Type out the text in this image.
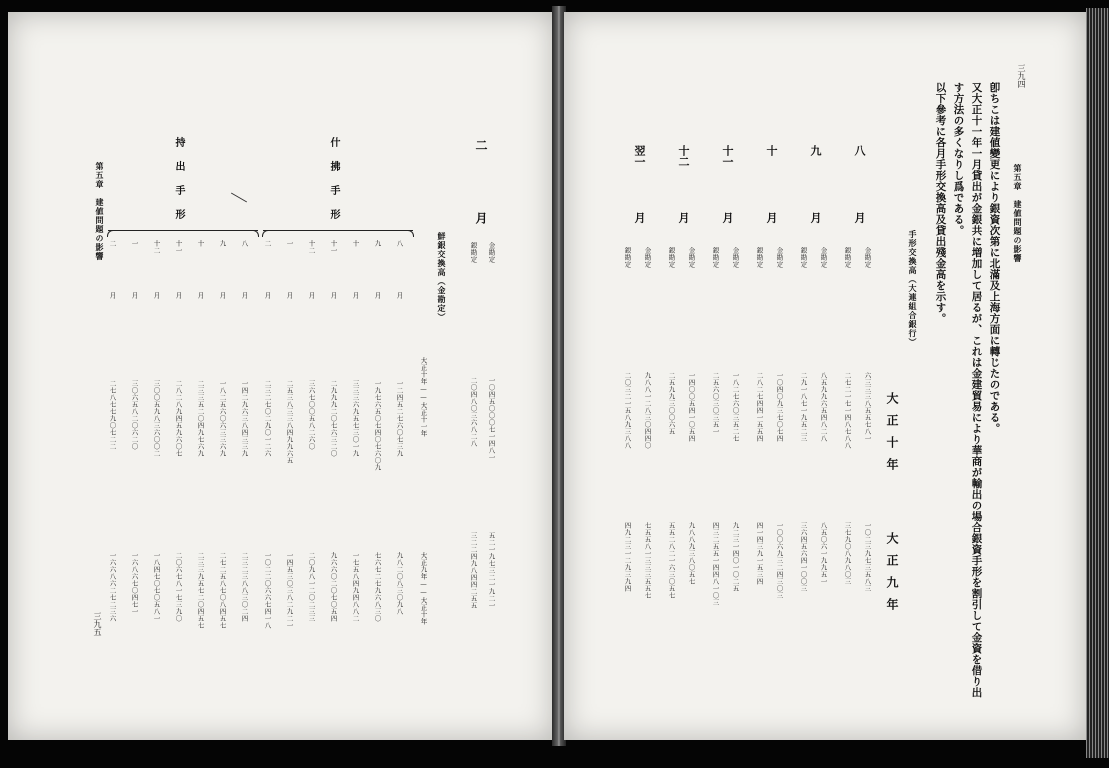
第五章　建値問題の影響
三九五
二
月
金勘定
銀勘定
一〇四五〇〇〇七一四八一
二〇四八〇三六八二八
五二一九七三二一九二一
三二二四九八四四二五五
鮮銀交換高（金勘定）
大正十年——大正十一年
大正九年——大正十年
什拂手形
持出手形
八
月
九
月
十
月
十一
月
十二
月
一
月
二
月
八
月
九
月
十
月
十一
月
十二
月
一
月
二
月
一二四五二七六〇七三九
一九七六五〇七四〇七六〇九
三三三六九五七三〇一九
二九九九二〇七六三二〇
三六七〇〇五八二六〇
二五三八三三八四九九六五
二三二七〇二九〇一二六
九八二〇八三〇九八
七六七二七九六八三〇
一七五八四九四八八二
九六六〇二〇七〇五四
二〇九八一二〇二三三
一四五三〇三八二九二一
一〇二二〇六六七四一八
一四二九六三八四三三九
一八二五六〇六三三六九
二三三五二〇四九七六九
二八二八九四五九六〇七
三〇〇五九八三六〇〇二
三〇六五八二〇六二〇
二七八七七九〇七二二
二三二三八八三〇二四
二七二五八七〇八四五七
二三三九五七二〇四五七
二〇六七八一七三九〇
一八四七〇七〇五八一
一六八六七〇四七一
一六六八六二七二三六
第五章　建値問題の影響
三九四
卽ちこは建値變更により銀資次第に北滿及上海方面に轉じたのである。
又大正十一年一月貸出が金銀共に増加して居るが、これは金建貿易により華商が輸出の場合銀資手形を割引して金資を借り出
す方法の多くなりし爲である。
以下參考に各月手形交換高及貸出殘金高を示す。
手形交換高（大連組合銀行）
大正十年
大正九年
八
月
金勘定
銀勘定
九
月
金勘定
銀勘定
十
月
金勘定
銀勘定
十一
月
金勘定
銀勘定
十二
月
金勘定
銀勘定
翌一
月
金勘定
銀勘定
六三三三八五五七八一
二七二一七一四八七八八
八五九九六五四八二八
二九一八七一九五二三
一〇四〇九三七〇七四
二八二七四四一五五四
一八二七六〇三五二七
二五六〇三〇三五一
一四〇〇五四一〇五四
二五九九三〇〇六五
九八八一二八三〇四四〇
二〇三二一五八九三八八
一〇二三九七三五八三
三七九〇八九八〇三
八五〇六一九九五一
三六四五六四一〇〇三
一〇〇六九三二四三〇三
四一四三九一五三四
九二三一四〇一〇二五
四三二五五一四四八一〇三
九八八九三八〇五七
五五二八二一六三〇五七
七五五八一三三三五五七
四九二三一二九三九四
